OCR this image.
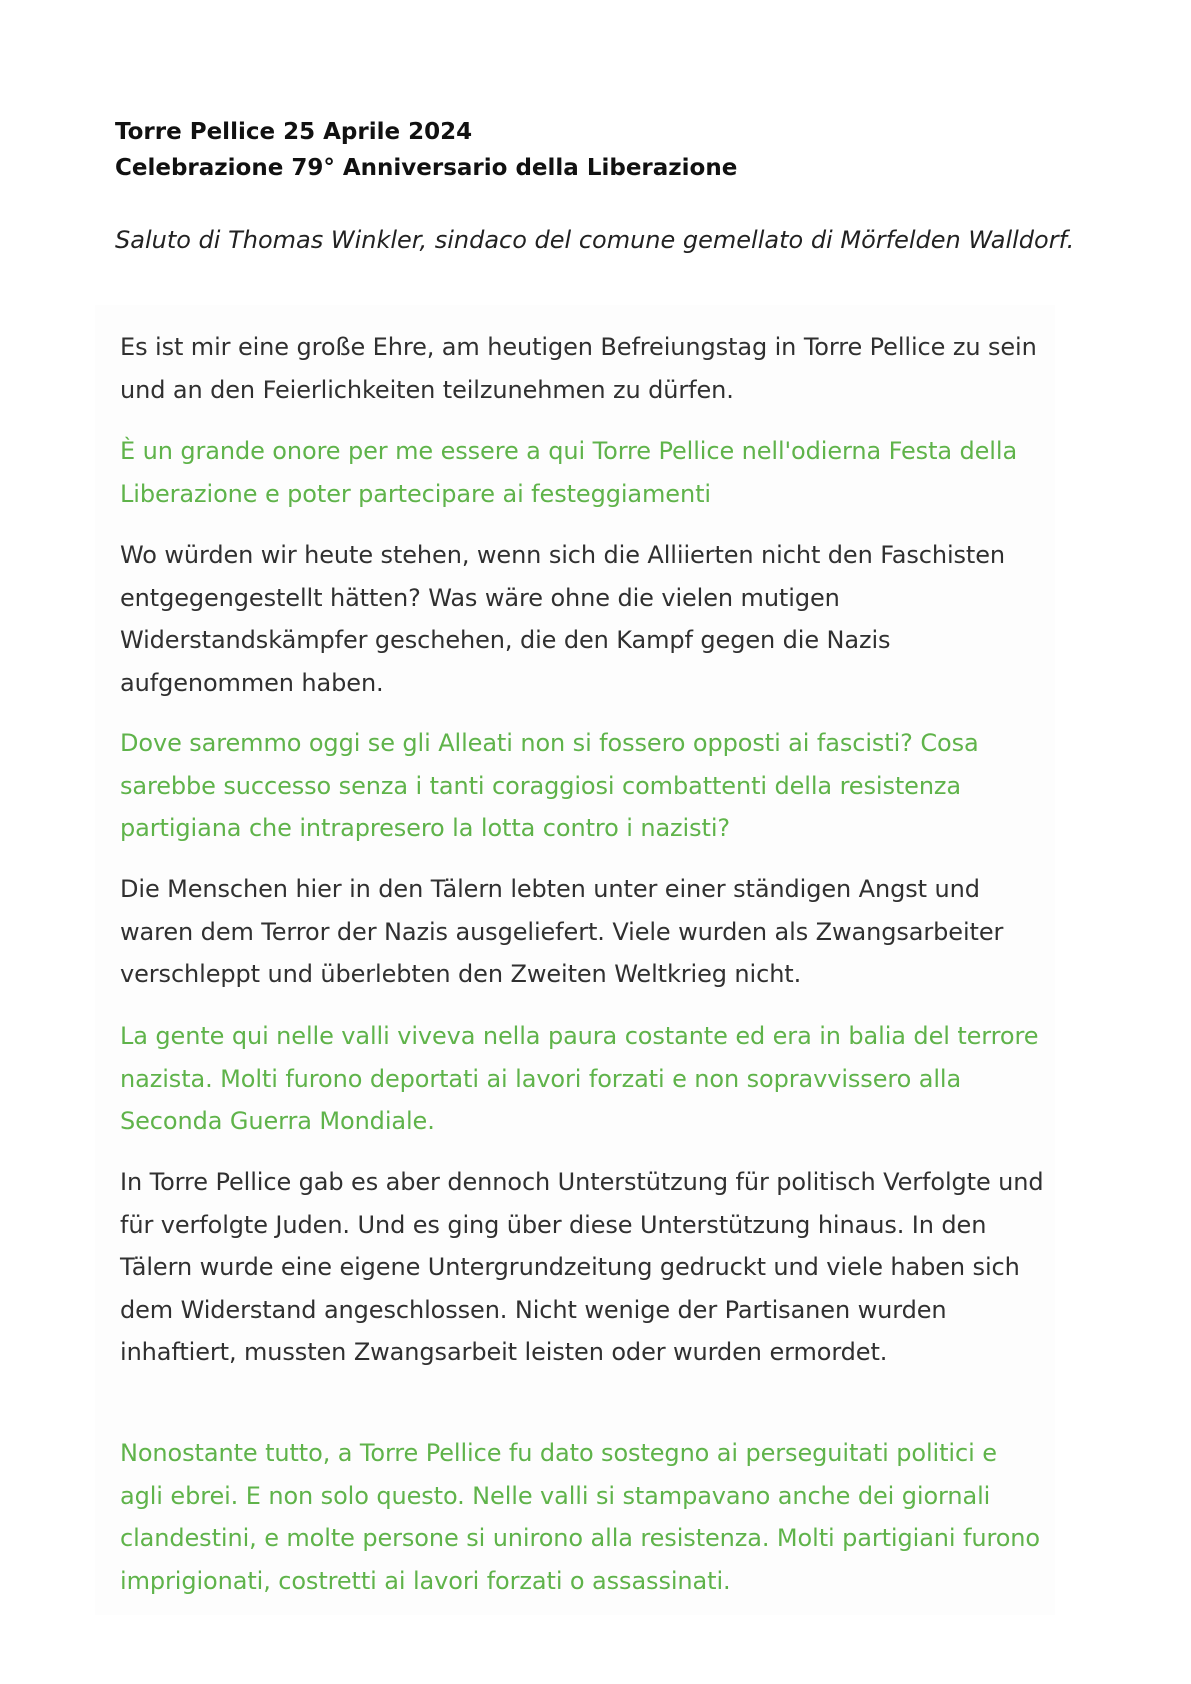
Torre Pellice 25 Aprile 2024
Celebrazione 79° Anniversario della Liberazione
Saluto di Thomas Winkler, sindaco del comune gemellato di Mörfelden Walldorf.

Es ist mir eine große Ehre, am heutigen Befreiungstag in Torre Pellice zu sein und an den Feierlichkeiten teilzunehmen zu dürfen.

È un grande onore per me essere a qui Torre Pellice nell'odierna Festa della Liberazione e poter partecipare ai festeggiamenti

Wo würden wir heute stehen, wenn sich die Alliierten nicht den Faschisten entgegengestellt hätten? Was wäre ohne die vielen mutigen Widerstandskämpfer geschehen, die den Kampf gegen die Nazis aufgenommen haben.

Dove saremmo oggi se gli Alleati non si fossero opposti ai fascisti? Cosa sarebbe successo senza i tanti coraggiosi combattenti della resistenza partigiana che intrapresero la lotta contro i nazisti?

Die Menschen hier in den Tälern lebten unter einer ständigen Angst und waren dem Terror der Nazis ausgeliefert. Viele wurden als Zwangsarbeiter verschleppt und überlebten den Zweiten Weltkrieg nicht.

La gente qui nelle valli viveva nella paura costante ed era in balia del terrore nazista. Molti furono deportati ai lavori forzati e non sopravvissero alla Seconda Guerra Mondiale.

In Torre Pellice gab es aber dennoch Unterstützung für politisch Verfolgte und für verfolgte Juden. Und es ging über diese Unterstützung hinaus. In den Tälern wurde eine eigene Untergrundzeitung gedruckt und viele haben sich dem Widerstand angeschlossen. Nicht wenige der Partisanen wurden inhaftiert, mussten Zwangsarbeit leisten oder wurden ermordet.

Nonostante tutto, a Torre Pellice fu dato sostegno ai perseguitati politici e agli ebrei. E non solo questo. Nelle valli si stampavano anche dei giornali clandestini, e molte persone si unirono alla resistenza. Molti partigiani furono imprigionati, costretti ai lavori forzati o assassinati.
